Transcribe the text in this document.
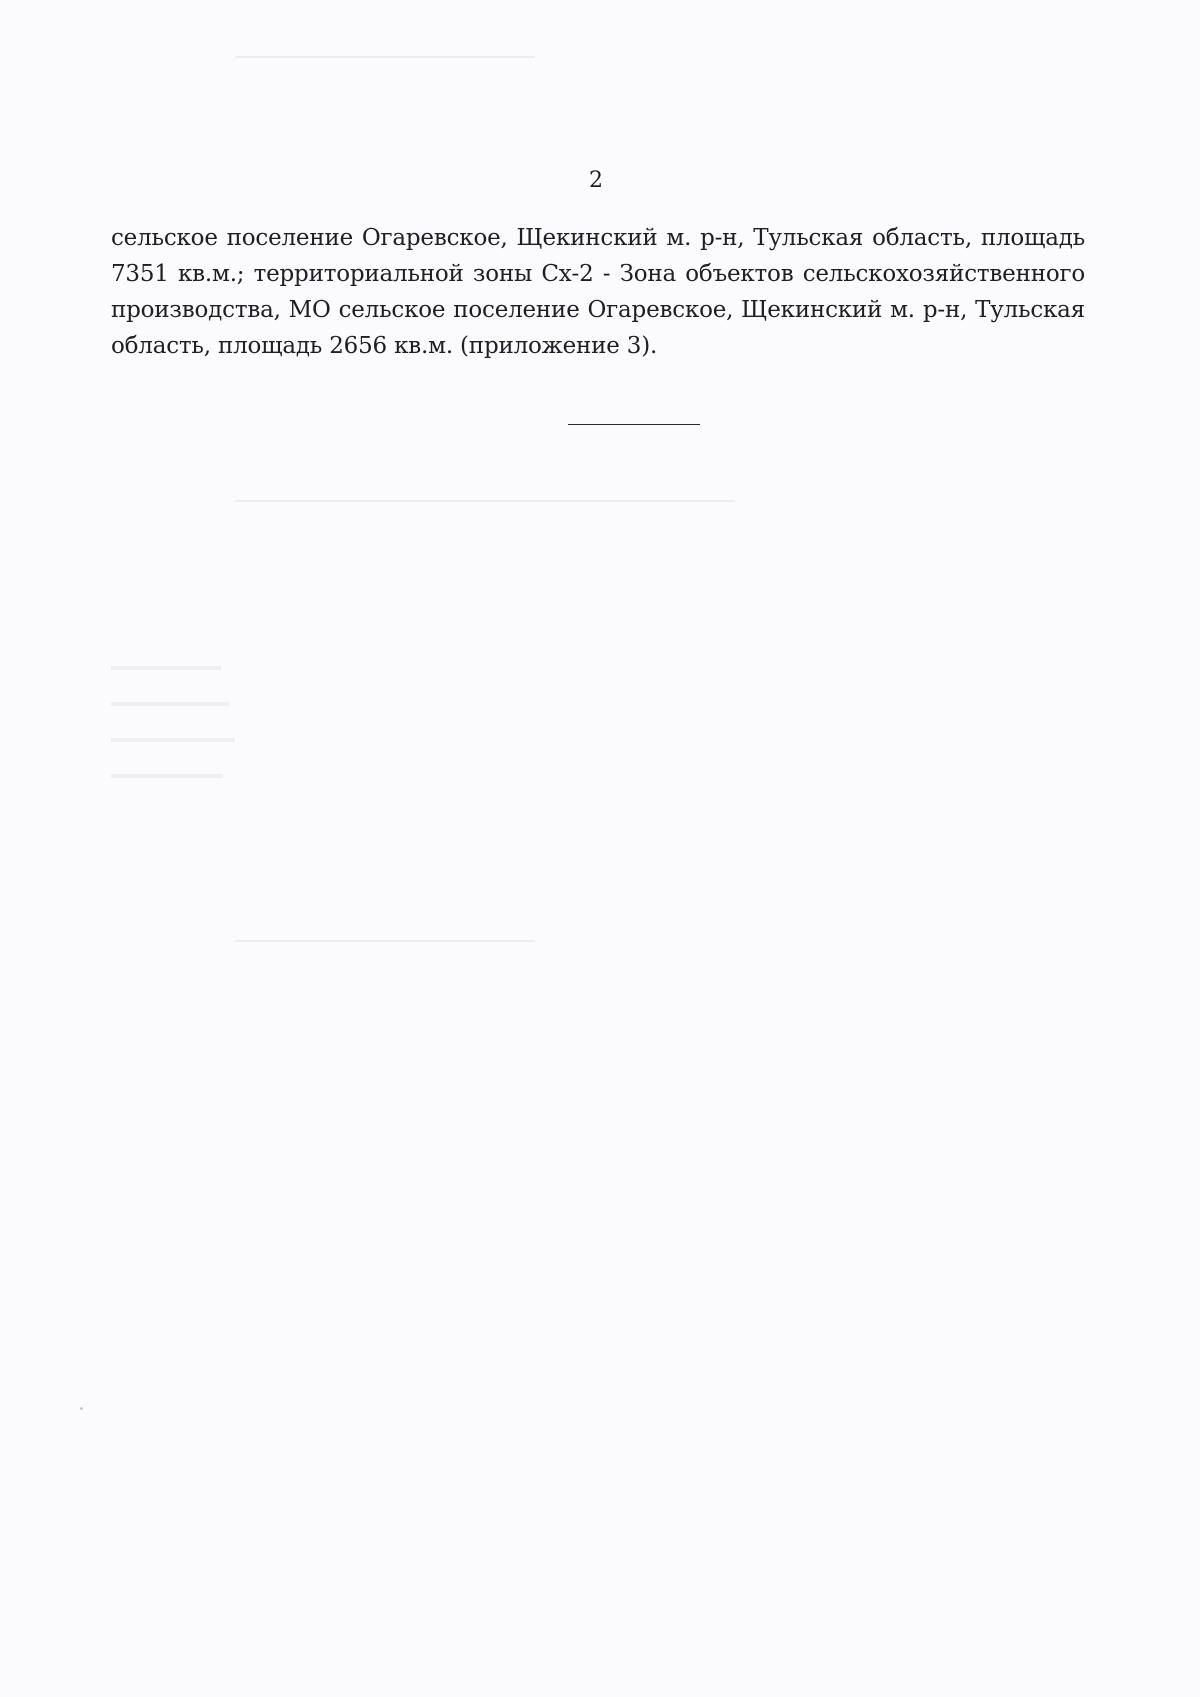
2

сельское поселение Огаревское, Щекинский м. р-н, Тульская область, площадь 7351 кв.м.; территориальной зоны Сх-2 - Зона объектов сельскохозяйственного производства, МО сельское поселение Огаревское, Щекинский м. р-н, Тульская область, площадь 2656 кв.м. (приложение 3).
